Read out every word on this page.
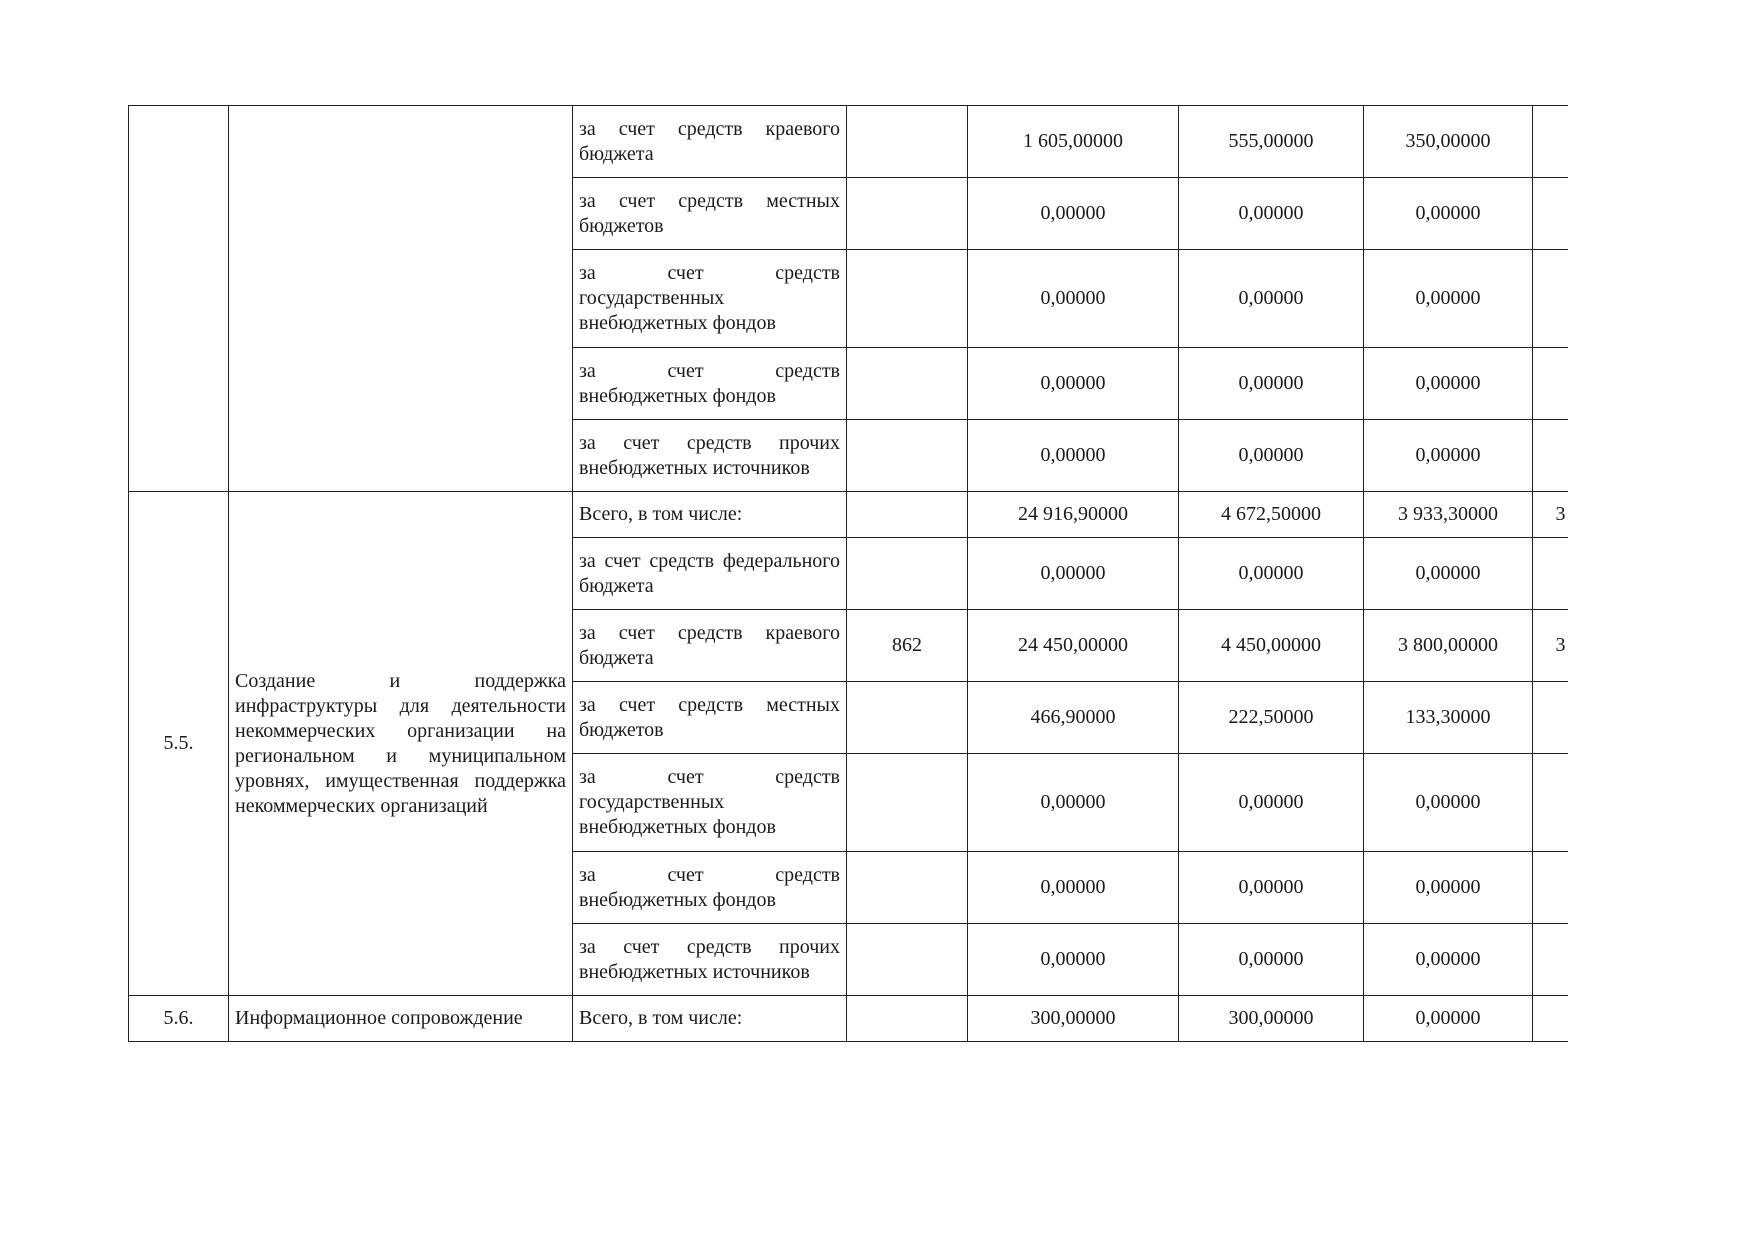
		за счет средств краевого бюджета		1 605,00000	555,00000	350,00000	
		за счет средств местных бюджетов		0,00000	0,00000	0,00000	
		за счет средств государственных внебюджетных фондов		0,00000	0,00000	0,00000	
		за счет средств внебюджетных фондов		0,00000	0,00000	0,00000	
		за счет средств прочих внебюджетных источников		0,00000	0,00000	0,00000	
5.5.	Создание и поддержка инфраструктуры для деятельности некоммерческих организации на региональном и муниципальном уровнях, имущественная поддержка некоммерческих организаций	Всего, в том числе:		24 916,90000	4 672,50000	3 933,30000	3
		за счет средств федерального бюджета		0,00000	0,00000	0,00000	
		за счет средств краевого бюджета	862	24 450,00000	4 450,00000	3 800,00000	3
		за счет средств местных бюджетов		466,90000	222,50000	133,30000	
		за счет средств государственных внебюджетных фондов		0,00000	0,00000	0,00000	
		за счет средств внебюджетных фондов		0,00000	0,00000	0,00000	
		за счет средств прочих внебюджетных источников		0,00000	0,00000	0,00000	
5.6.	Информационное сопровождение	Всего, в том числе:		300,00000	300,00000	0,00000	
